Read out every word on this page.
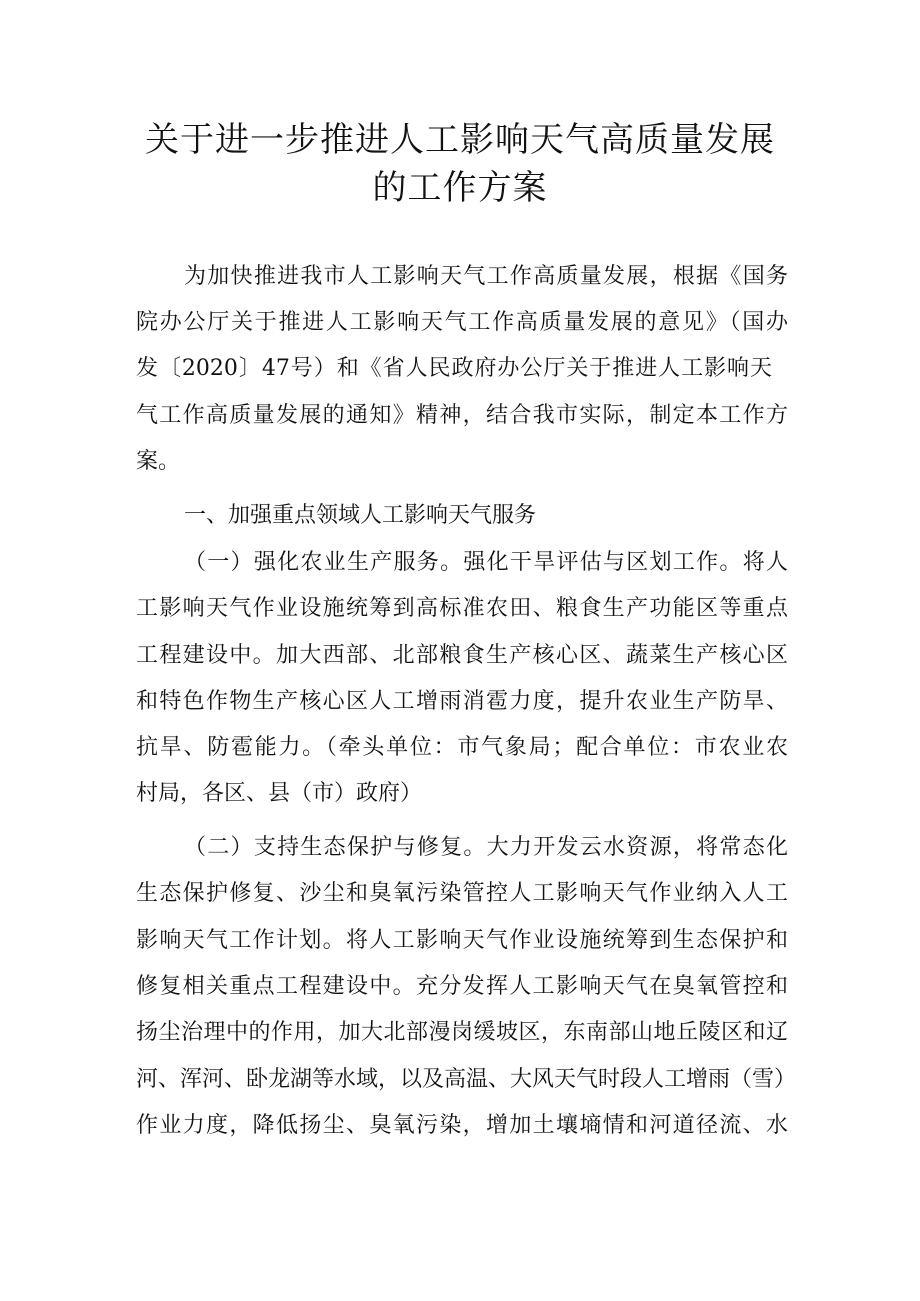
关于进一步推进人工影响天气高质量发展
的工作方案
为加快推进我市人工影响天气工作高质量发展，根据《国务
院办公厅关于推进人工影响天气工作高质量发展的意见》（国办
发〔2020〕47号）和《省人民政府办公厅关于推进人工影响天
气工作高质量发展的通知》精神，结合我市实际，制定本工作方
案。
一、加强重点领域人工影响天气服务
（一）强化农业生产服务。强化干旱评估与区划工作。将人
工影响天气作业设施统筹到高标准农田、粮食生产功能区等重点
工程建设中。加大西部、北部粮食生产核心区、蔬菜生产核心区
和特色作物生产核心区人工增雨消雹力度，提升农业生产防旱、
抗旱、防雹能力。（牵头单位：市气象局；配合单位：市农业农
村局，各区、县（市）政府）
（二）支持生态保护与修复。大力开发云水资源，将常态化
生态保护修复、沙尘和臭氧污染管控人工影响天气作业纳入人工
影响天气工作计划。将人工影响天气作业设施统筹到生态保护和
修复相关重点工程建设中。充分发挥人工影响天气在臭氧管控和
扬尘治理中的作用，加大北部漫岗缓坡区，东南部山地丘陵区和辽
河、浑河、卧龙湖等水域，以及高温、大风天气时段人工增雨（雪）
作业力度，降低扬尘、臭氧污染，增加土壤墒情和河道径流、水
